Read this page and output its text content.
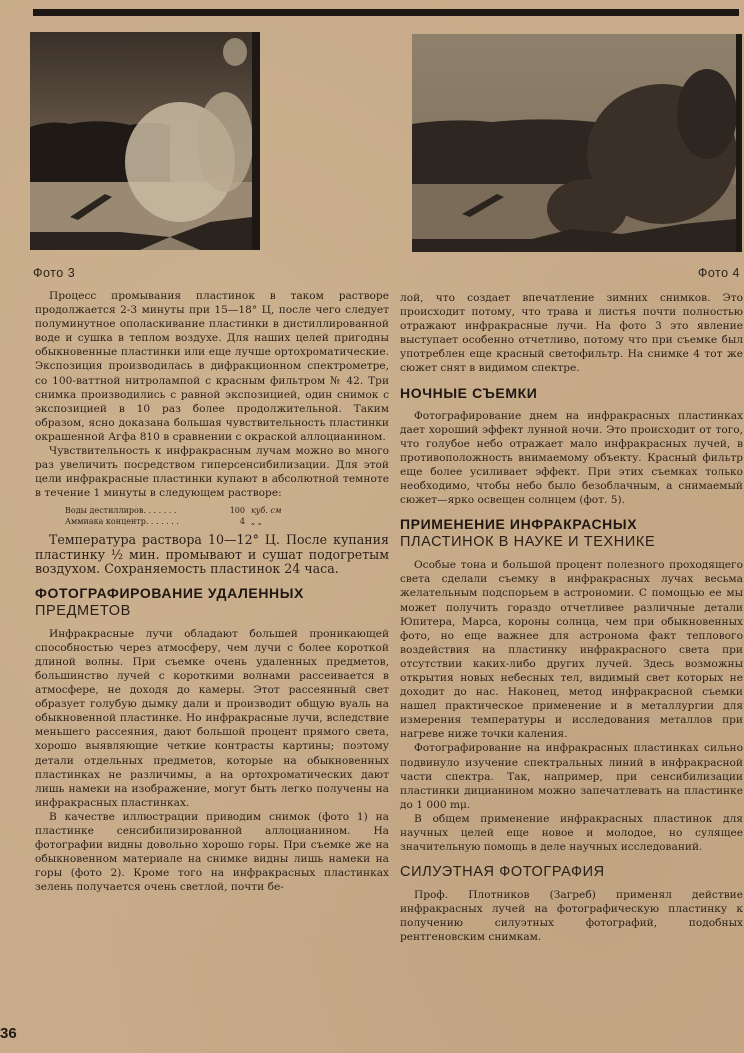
Фото 3	Фото 4

Процесс промывания пластинок в таком растворе продолжается 2-3 минуты при 15—18° Ц, после чего следует полуминутное ополаскивание пластинки в дистиллированной воде и сушка в теплом воздухе. Для наших целей пригодны обыкновенные пластинки или еще лучше ортохроматические. Экспозиция производилась в дифракционном спектрометре, со 100-ваттной нитролампой с красным фильтром № 42. Три снимка производились с равной экспозицией, один снимок с экспозицией в 10 раз более продолжительной. Таким образом, ясно доказана большая чувствительность пластинки окрашенной Агфа 810 в сравнении с окраской аллоцианином.

Чувствительность к инфракрасным лучам можно во много раз увеличить посредством гиперсенсибилизации. Для этой цели инфракрасные пластинки купают в абсолютной темноте в течение 1 минуты в следующем растворе:

Воды дестиллиров. . . . . . .	100 куб. см
Аммиака концентр. . . . . . .	4 „ „

Температура раствора 10—12° Ц. После купания пластинку ½ мин. промывают и сушат подогретым воздухом. Сохраняемость пластинок 24 часа.

ФОТОГРАФИРОВАНИЕ УДАЛЕННЫХ
ПРЕДМЕТОВ

Инфракрасные лучи обладают большей проникающей способностью через атмосферу, чем лучи с более короткой длиной волны. При съемке очень удаленных предметов, большинство лучей с короткими волнами рассеивается в атмосфере, не доходя до камеры. Этот рассеянный свет образует голубую дымку дали и производит общую вуаль на обыкновенной пластинке. Но инфракрасные лучи, вследствие меньшего рассеяния, дают большой процент прямого света, хорошо выявляющие четкие контрасты картины; поэтому детали отдельных предметов, которые на обыкновенных пластинках не различимы, а на ортохроматических дают лишь намеки на изображение, могут быть легко получены на инфракрасных пластинках.

В качестве иллюстрации приводим снимок (фото 1) на пластинке сенсибилизированной аллоцианином. На фотографии видны довольно хорошо горы. При съемке же на обыкновенном материале на снимке видны лишь намеки на горы (фото 2). Кроме того на инфракрасных пластинках зелень получается очень светлой, почти бе-

лой, что создает впечатление зимних снимков. Это происходит потому, что трава и листья почти полностью отражают инфракрасные лучи. На фото 3 это явление выступает особенно отчетливо, потому что при съемке был употреблен еще красный светофильтр. На снимке 4 тот же сюжет снят в видимом спектре.

НОЧНЫЕ СЪЕМКИ

Фотографирование днем на инфракрасных пластинках дает хороший эффект лунной ночи. Это происходит от того, что голубое небо отражает мало инфракрасных лучей, в противоположность внимаемому объекту. Красный фильтр еще более усиливает эффект. При этих съемках только необходимо, чтобы небо было безоблачным, а снимаемый сюжет—ярко освещен солнцем (фот. 5).

ПРИМЕНЕНИЕ ИНФРАКРАСНЫХ
ПЛАСТИНОК В НАУКЕ И ТЕХНИКЕ

Особые тона и большой процент полезного проходящего света сделали съемку в инфракрасных лучах весьма желательным подспорьем в астрономии. С помощью ее мы может получить гораздо отчетливее различные детали Юпитера, Марса, короны солнца, чем при обыкновенных фото, но еще важнее для астронома факт теплового воздействия на пластинку инфракрасного света при отсутствии каких-либо других лучей. Здесь возможны открытия новых небесных тел, видимый свет которых не доходит до нас. Наконец, метод инфракрасной съемки нашел практическое применение и в металлургии для измерения температуры и исследования металлов при нагреве ниже точки каления.

Фотографирование на инфракрасных пластинках сильно подвинуло изучение спектральных линий в инфракрасной части спектра. Так, например, при сенсибилизации пластинки дицианином можно запечатлевать на пластинке до 1 000 mμ.

В общем применение инфракрасных пластинок для научных целей еще новое и молодое, но сулящее значительную помощь в деле научных исследований.

СИЛУЭТНАЯ ФОТОГРАФИЯ

Проф. Плотников (Загреб) применял действие инфракрасных лучей на фотографическую пластинку к получению силуэтных фотографий, подобных рентгеновским снимкам.

36
